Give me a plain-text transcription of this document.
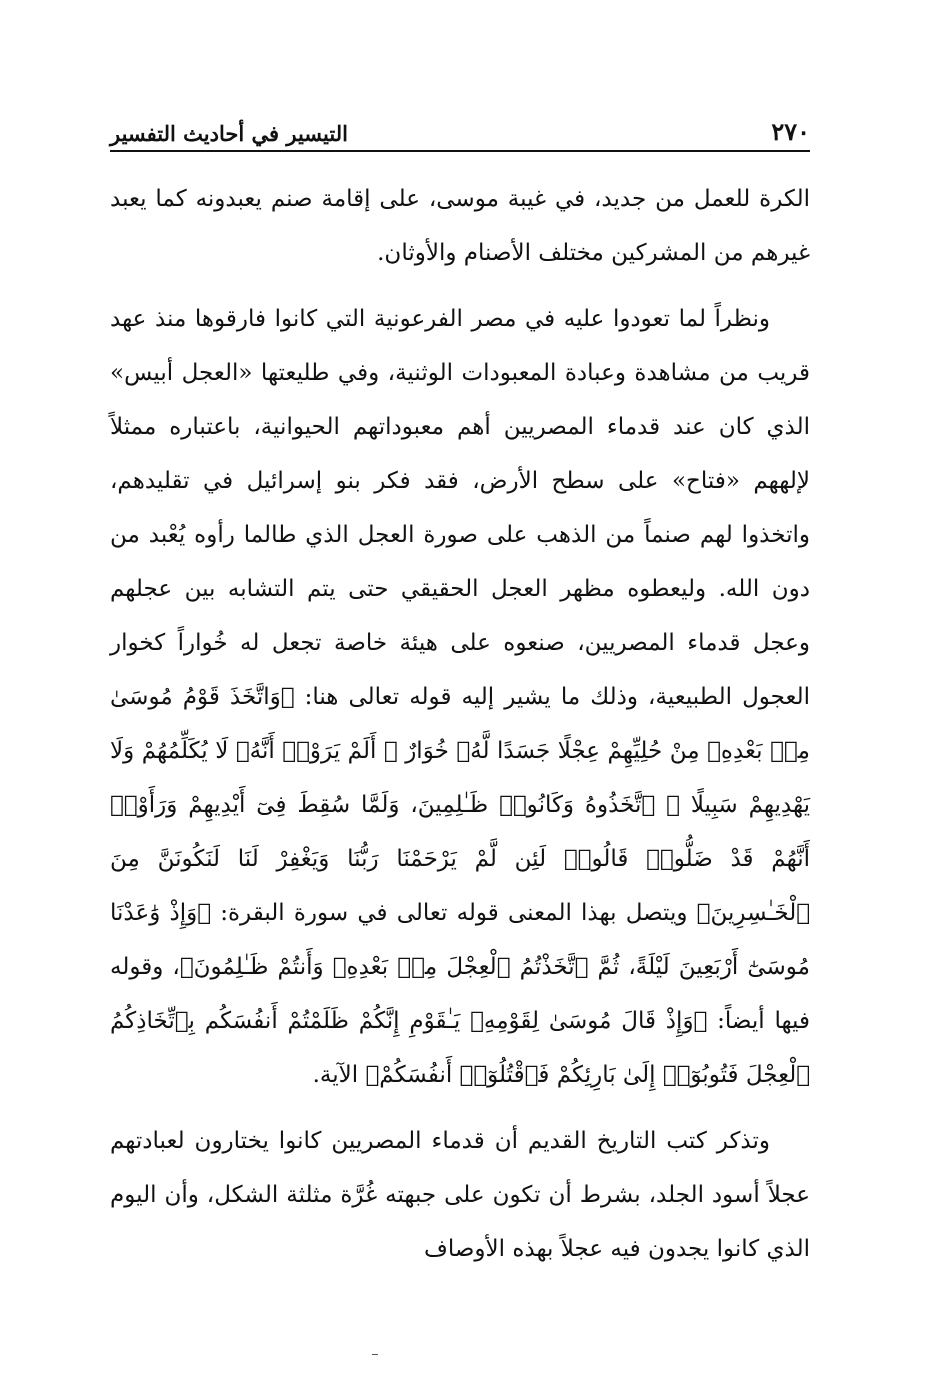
٢٧٠
التيسير في أحاديث التفسير

الكرة للعمل من جديد، في غيبة موسى، على إقامة صنم يعبدونه كما يعبد غيرهم من المشركين مختلف الأصنام والأوثان.

ونظراً لما تعودوا عليه في مصر الفرعونية التي كانوا فارقوها منذ عهد قريب من مشاهدة وعبادة المعبودات الوثنية، وفي طليعتها «العجل أبيس» الذي كان عند قدماء المصريين أهم معبوداتهم الحيوانية، باعتباره ممثلاً لإلههم «فتاح» على سطح الأرض، فقد فكر بنو إسرائيل في تقليدهم، واتخذوا لهم صنماً من الذهب على صورة العجل الذي طالما رأوه يُعْبد من دون الله. وليعطوه مظهر العجل الحقيقي حتى يتم التشابه بين عجلهم وعجل قدماء المصريين، صنعوه على هيئة خاصة تجعل له خُواراً كخوار العجول الطبيعية، وذلك ما يشير إليه قوله تعالى هنا: ﴿وَاتَّخَذَ قَوْمُ مُوسَىٰ مِنۢ بَعْدِهِۦ مِنْ حُلِيِّهِمْ عِجْلًا جَسَدًا لَّهُۥ خُوَارٌ ۚ أَلَمْ يَرَوْا۟ أَنَّهُۥ لَا يُكَلِّمُهُمْ وَلَا يَهْدِيهِمْ سَبِيلًا ۘ ٱتَّخَذُوهُ وَكَانُوا۟ ظَـٰلِمِينَ، وَلَمَّا سُقِطَ فِىٓ أَيْدِيهِمْ وَرَأَوْا۟ أَنَّهُمْ قَدْ ضَلُّوا۟ قَالُوا۟ لَئِن لَّمْ يَرْحَمْنَا رَبُّنَا وَيَغْفِرْ لَنَا لَنَكُونَنَّ مِنَ ٱلْخَـٰسِرِينَ﴾ ويتصل بهذا المعنى قوله تعالى في سورة البقرة: ﴿وَإِذْ وَٰعَدْنَا مُوسَىٰٓ أَرْبَعِينَ لَيْلَةً، ثُمَّ ٱتَّخَذْتُمُ ٱلْعِجْلَ مِنۢ بَعْدِهِۦ وَأَنتُمْ ظَـٰلِمُونَ﴾، وقوله فيها أيضاً: ﴿وَإِذْ قَالَ مُوسَىٰ لِقَوْمِهِۦ يَـٰقَوْمِ إِنَّكُمْ ظَلَمْتُمْ أَنفُسَكُم بِٱتِّخَاذِكُمُ ٱلْعِجْلَ فَتُوبُوٓا۟ إِلَىٰ بَارِئِكُمْ فَٱقْتُلُوٓا۟ أَنفُسَكُمْ﴾ الآية.

وتذكر كتب التاريخ القديم أن قدماء المصريين كانوا يختارون لعبادتهم عجلاً أسود الجلد، بشرط أن تكون على جبهته غُرَّة مثلثة الشكل، وأن اليوم الذي كانوا يجدون فيه عجلاً بهذه الأوصاف
